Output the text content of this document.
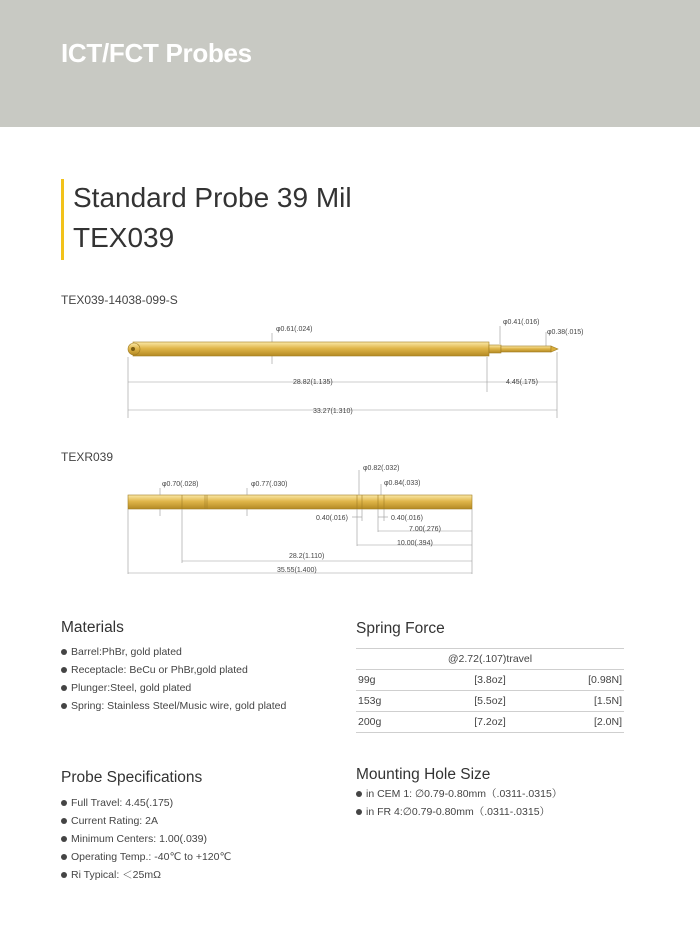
ICT/FCT Probes
Standard Probe 39 Mil
TEX039
TEX039-14038-099-S
φ0.61(.024)
φ0.41(.016)
φ0.38(.015)
28.82(1.135)	4.45(.175)
33.27(1.310)
TEXR039
φ0.70(.028)	φ0.77(.030)
φ0.82(.032)
φ0.84(.033)
0.40(.016)	0.40(.016)
7.00(.276)
10.00(.394)
28.2(1.110)
35.55(1.400)
Materials
Barrel:PhBr, gold plated
Receptacle: BeCu or PhBr,gold plated
Plunger:Steel, gold plated
Spring: Stainless Steel/Music wire, gold plated
Spring Force
@2.72(.107)travel		
99g	[3.8oz]	[0.98N]
153g	[5.5oz]	[1.5N]
200g	[7.2oz]	[2.0N]
Probe Specifications
Full Travel: 4.45(.175)
Current Rating: 2A
Minimum Centers: 1.00(.039)
Operating Temp.: -40℃ to +120℃
Ri Typical: ＜25mΩ
Mounting Hole Size
in CEM 1: ∅0.79-0.80mm（.0311-.0315）
in FR 4:∅0.79-0.80mm（.0311-.0315）
